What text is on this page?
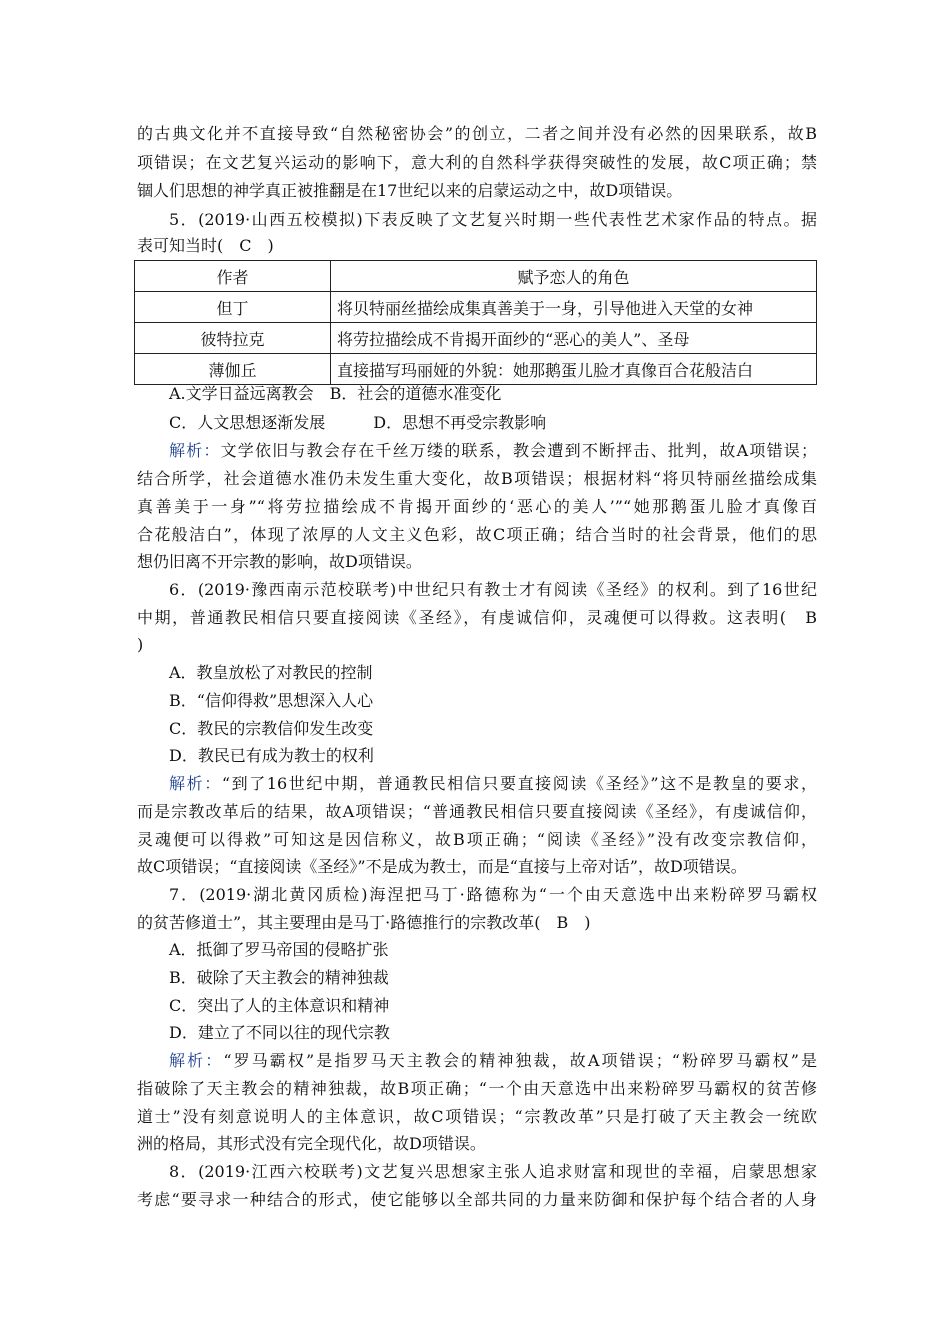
的古典文化并不直接导致“自然秘密协会”的创立，二者之间并没有必然的因果联系，故B
项错误；在文艺复兴运动的影响下，意大利的自然科学获得突破性的发展，故C项正确；禁
锢人们思想的神学真正被推翻是在17世纪以来的启蒙运动之中，故D项错误。
5．(2019·山西五校模拟)下表反映了文艺复兴时期一些代表性艺术家作品的特点。据
表可知当时(　C　)
作者	赋予恋人的角色
但丁	将贝特丽丝描绘成集真善美于一身，引导他进入天堂的女神
彼特拉克	将劳拉描绘成不肯揭开面纱的“恶心的美人”、圣母
薄伽丘	直接描写玛丽娅的外貌：她那鹅蛋儿脸才真像百合花般洁白
A.文学日益远离教会　B．社会的道德水准变化
C．人文思想逐渐发展　　　D．思想不再受宗教影响
解析：文学依旧与教会存在千丝万缕的联系，教会遭到不断抨击、批判，故A项错误；
结合所学，社会道德水准仍未发生重大变化，故B项错误；根据材料“将贝特丽丝描绘成集
真善美于一身”“将劳拉描绘成不肯揭开面纱的‘恶心的美人’”“她那鹅蛋儿脸才真像百
合花般洁白”，体现了浓厚的人文主义色彩，故C项正确；结合当时的社会背景，他们的思
想仍旧离不开宗教的影响，故D项错误。
6．(2019·豫西南示范校联考)中世纪只有教士才有阅读《圣经》的权利。到了16世纪
中期，普通教民相信只要直接阅读《圣经》，有虔诚信仰，灵魂便可以得救。这表明(　B
)
A．教皇放松了对教民的控制
B．“信仰得救”思想深入人心
C．教民的宗教信仰发生改变
D．教民已有成为教士的权利
解析：“到了16世纪中期，普通教民相信只要直接阅读《圣经》”这不是教皇的要求，
而是宗教改革后的结果，故A项错误；“普通教民相信只要直接阅读《圣经》，有虔诚信仰，
灵魂便可以得救”可知这是因信称义，故B项正确；“阅读《圣经》”没有改变宗教信仰，
故C项错误；“直接阅读《圣经》”不是成为教士，而是“直接与上帝对话”，故D项错误。
7．(2019·湖北黄冈质检)海涅把马丁·路德称为“一个由天意选中出来粉碎罗马霸权
的贫苦修道士”，其主要理由是马丁·路德推行的宗教改革(　B　)
A．抵御了罗马帝国的侵略扩张
B．破除了天主教会的精神独裁
C．突出了人的主体意识和精神
D．建立了不同以往的现代宗教
解析：“罗马霸权”是指罗马天主教会的精神独裁，故A项错误；“粉碎罗马霸权”是
指破除了天主教会的精神独裁，故B项正确；“一个由天意选中出来粉碎罗马霸权的贫苦修
道士”没有刻意说明人的主体意识，故C项错误；“宗教改革”只是打破了天主教会一统欧
洲的格局，其形式没有完全现代化，故D项错误。
8．(2019·江西六校联考)文艺复兴思想家主张人追求财富和现世的幸福，启蒙思想家
考虑“要寻求一种结合的形式，使它能够以全部共同的力量来防御和保护每个结合者的人身
